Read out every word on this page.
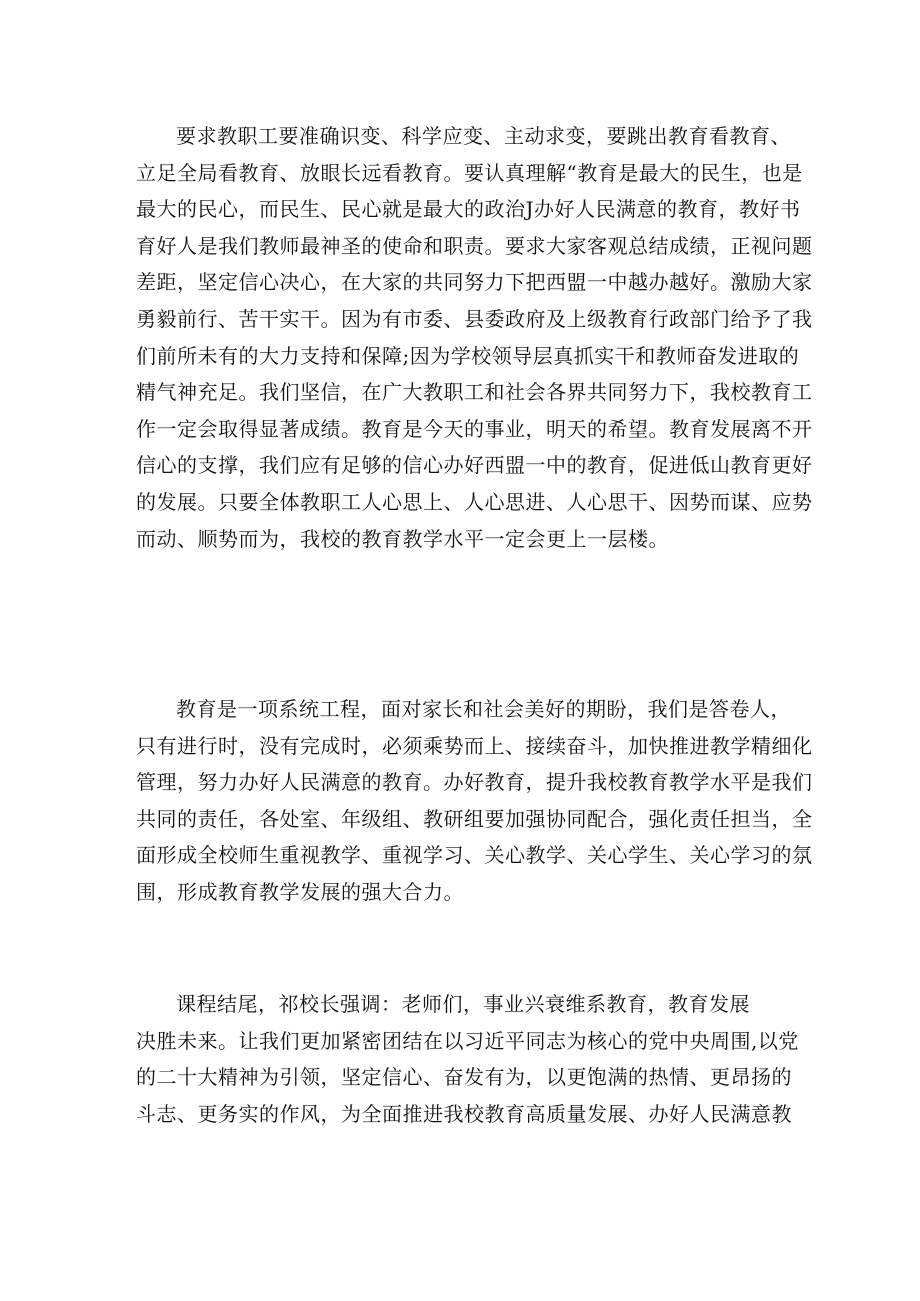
要求教职工要准确识变、科学应变、主动求变，要跳出教育看教育、
立足全局看教育、放眼长远看教育。要认真理解“教育是最大的民生，也是
最大的民心，而民生、民心就是最大的政治J办好人民满意的教育，教好书
育好人是我们教师最神圣的使命和职责。要求大家客观总结成绩，正视问题
差距，坚定信心决心，在大家的共同努力下把西盟一中越办越好。激励大家
勇毅前行、苦干实干。因为有市委、县委政府及上级教育行政部门给予了我
们前所未有的大力支持和保障;因为学校领导层真抓实干和教师奋发进取的
精气神充足。我们坚信，在广大教职工和社会各界共同努力下，我校教育工
作一定会取得显著成绩。教育是今天的事业，明天的希望。教育发展离不开
信心的支撑，我们应有足够的信心办好西盟一中的教育，促进低山教育更好
的发展。只要全体教职工人心思上、人心思进、人心思干、因势而谋、应势
而动、顺势而为，我校的教育教学水平一定会更上一层楼。
教育是一项系统工程，面对家长和社会美好的期盼，我们是答卷人，
只有进行时，没有完成时，必须乘势而上、接续奋斗，加快推进教学精细化
管理，努力办好人民满意的教育。办好教育，提升我校教育教学水平是我们
共同的责任，各处室、年级组、教研组要加强协同配合，强化责任担当，全
面形成全校师生重视教学、重视学习、关心教学、关心学生、关心学习的氛
围，形成教育教学发展的强大合力。
课程结尾，祁校长强调：老师们，事业兴衰维系教育，教育发展
决胜未来。让我们更加紧密团结在以习近平同志为核心的党中央周围,以党
的二十大精神为引领，坚定信心、奋发有为，以更饱满的热情、更昂扬的
斗志、更务实的作风，为全面推进我校教育高质量发展、办好人民满意教
